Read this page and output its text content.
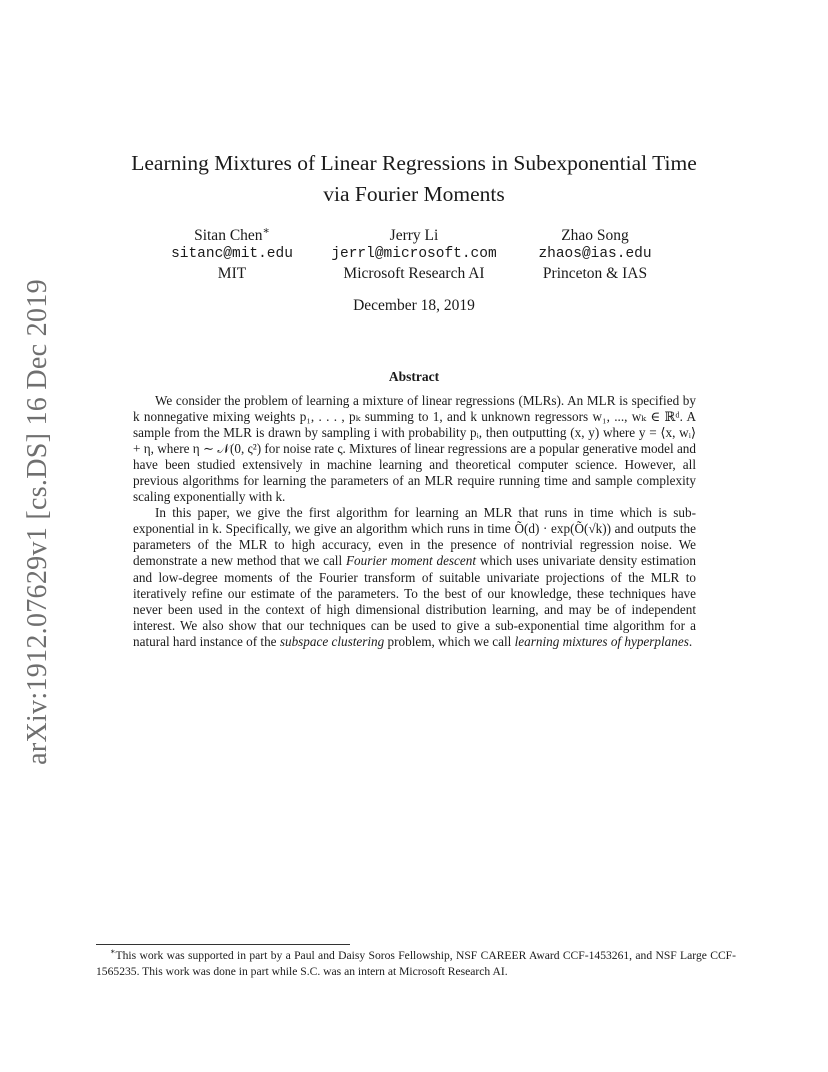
arXiv:1912.07629v1 [cs.DS] 16 Dec 2019
Learning Mixtures of Linear Regressions in Subexponential Time
via Fourier Moments
Sitan Chen∗
sitanc@mit.edu
MIT
Jerry Li
jerrl@microsoft.com
Microsoft Research AI
Zhao Song
zhaos@ias.edu
Princeton & IAS
December 18, 2019
Abstract

We consider the problem of learning a mixture of linear regressions (MLRs). An MLR is specified by k nonnegative mixing weights p₁, . . . , pₖ summing to 1, and k unknown regressors w₁, ..., wₖ ∈ ℝᵈ. A sample from the MLR is drawn by sampling i with probability pᵢ, then outputting (x, y) where y = ⟨x, wᵢ⟩ + η, where η ∼ 𝒩(0, ς²) for noise rate ς. Mixtures of linear regressions are a popular generative model and have been studied extensively in machine learning and theoretical computer science. However, all previous algorithms for learning the parameters of an MLR require running time and sample complexity scaling exponentially with k.

In this paper, we give the first algorithm for learning an MLR that runs in time which is sub-exponential in k. Specifically, we give an algorithm which runs in time Õ(d) · exp(Õ(√k)) and outputs the parameters of the MLR to high accuracy, even in the presence of nontrivial regression noise. We demonstrate a new method that we call Fourier moment descent which uses univariate density estimation and low-degree moments of the Fourier transform of suitable univariate projections of the MLR to iteratively refine our estimate of the parameters. To the best of our knowledge, these techniques have never been used in the context of high dimensional distribution learning, and may be of independent interest. We also show that our techniques can be used to give a sub-exponential time algorithm for a natural hard instance of the subspace clustering problem, which we call learning mixtures of hyperplanes.

∗This work was supported in part by a Paul and Daisy Soros Fellowship, NSF CAREER Award CCF-1453261, and NSF Large CCF-1565235. This work was done in part while S.C. was an intern at Microsoft Research AI.
